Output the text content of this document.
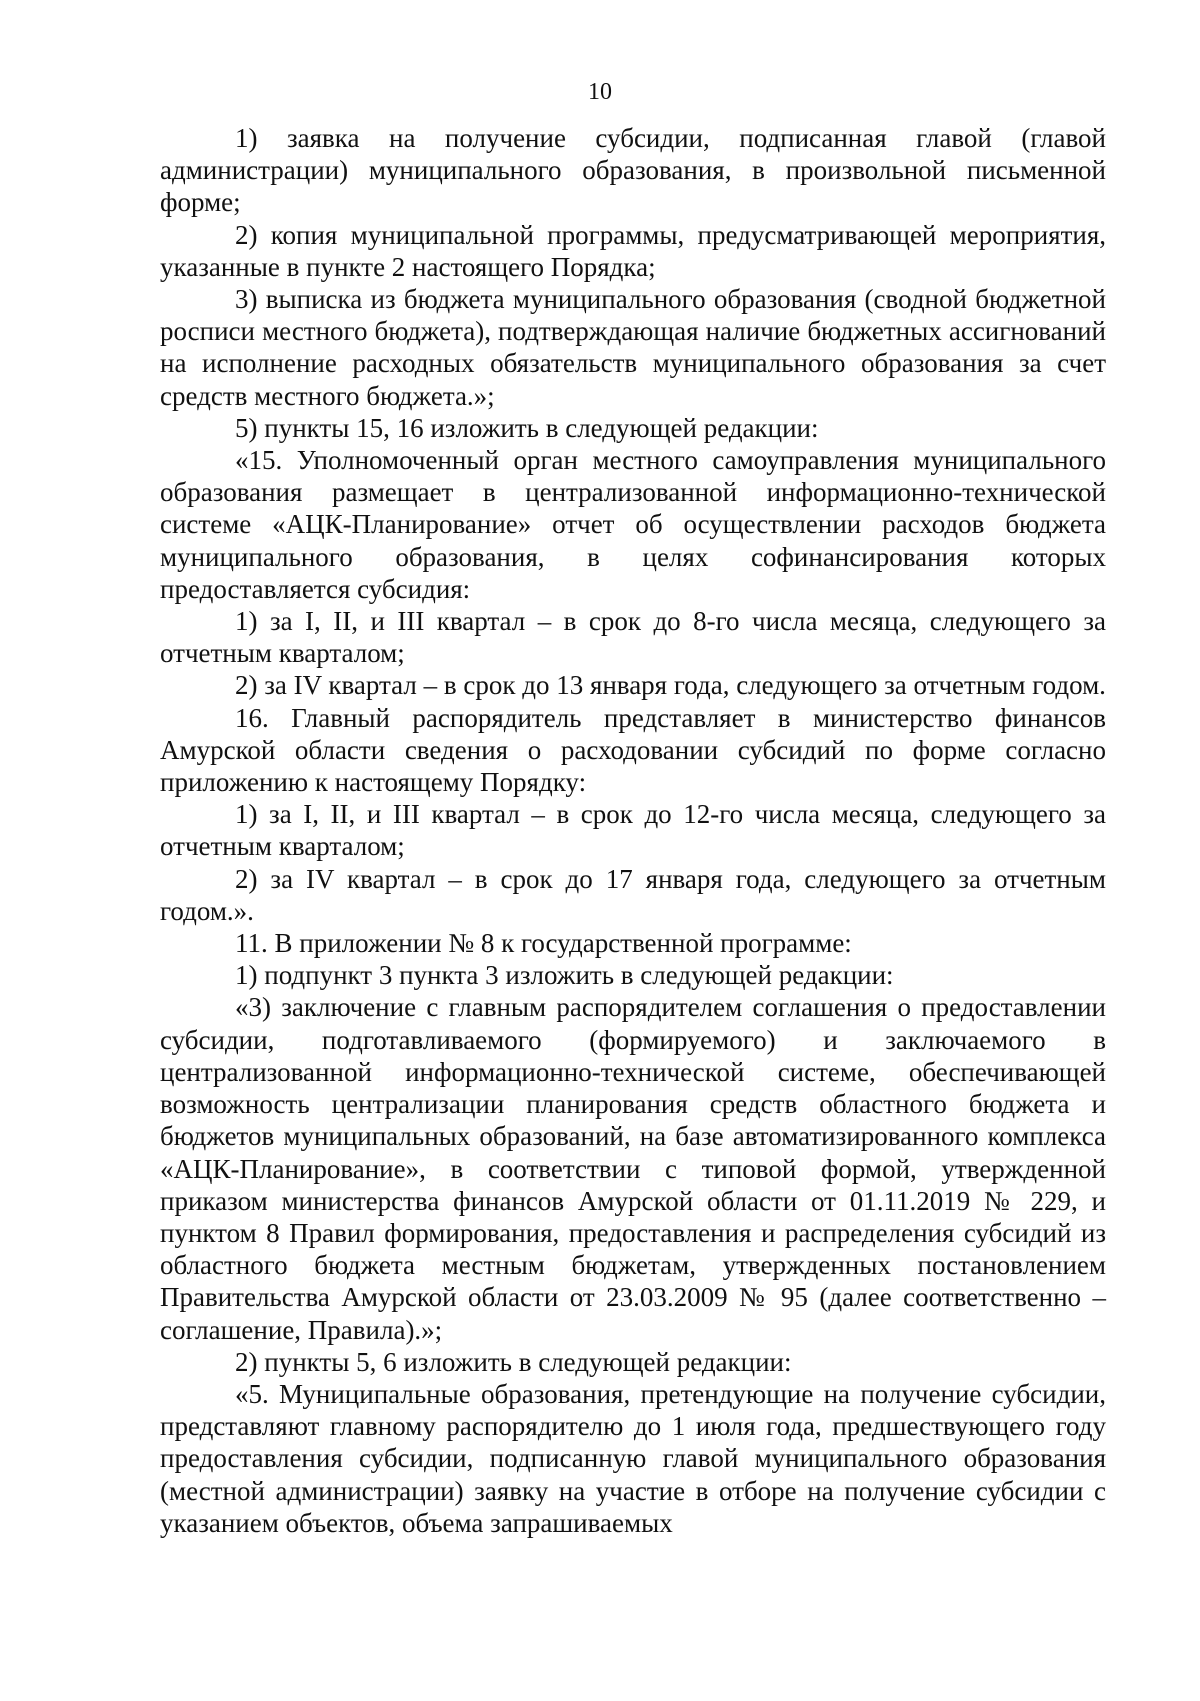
10

1) заявка на получение субсидии, подписанная главой (главой администрации) муниципального образования, в произвольной письменной форме;

2) копия муниципальной программы, предусматривающей мероприятия, указанные в пункте 2 настоящего Порядка;

3) выписка из бюджета муниципального образования (сводной бюджетной росписи местного бюджета), подтверждающая наличие бюджетных ассигнований на исполнение расходных обязательств муниципального образования за счет средств местного бюджета.»;

5) пункты 15, 16 изложить в следующей редакции:

«15. Уполномоченный орган местного самоуправления муниципального образования размещает в централизованной информационно-технической системе «АЦК-Планирование» отчет об осуществлении расходов бюджета муниципального образования, в целях софинансирования которых предоставляется субсидия:

1) за I, II, и III квартал – в срок до 8-го числа месяца, следующего за отчетным кварталом;

2) за IV квартал – в срок до 13 января года, следующего за отчетным годом.

16. Главный распорядитель представляет в министерство финансов Амурской области сведения о расходовании субсидий по форме согласно приложению к настоящему Порядку:

1) за I, II, и III квартал – в срок до 12-го числа месяца, следующего за отчетным кварталом;

2) за IV квартал – в срок до 17 января года, следующего за отчетным годом.».

11. В приложении № 8 к государственной программе:

1) подпункт 3 пункта 3 изложить в следующей редакции:

«3) заключение с главным распорядителем соглашения о предоставлении субсидии, подготавливаемого (формируемого) и заключаемого в централизованной информационно-технической системе, обеспечивающей возможность централизации планирования средств областного бюджета и бюджетов муниципальных образований, на базе автоматизированного комплекса «АЦК-Планирование», в соответствии с типовой формой, утвержденной приказом министерства финансов Амурской области от 01.11.2019 № 229, и пунктом 8 Правил формирования, предоставления и распределения субсидий из областного бюджета местным бюджетам, утвержденных постановлением Правительства Амурской области от 23.03.2009 № 95 (далее соответственно – соглашение, Правила).»;

2) пункты 5, 6 изложить в следующей редакции:

«5. Муниципальные образования, претендующие на получение субсидии, представляют главному распорядителю до 1 июля года, предшествующего году предоставления субсидии, подписанную главой муниципального образования (местной администрации) заявку на участие в отборе на получение субсидии с указанием объектов, объема запрашиваемых
